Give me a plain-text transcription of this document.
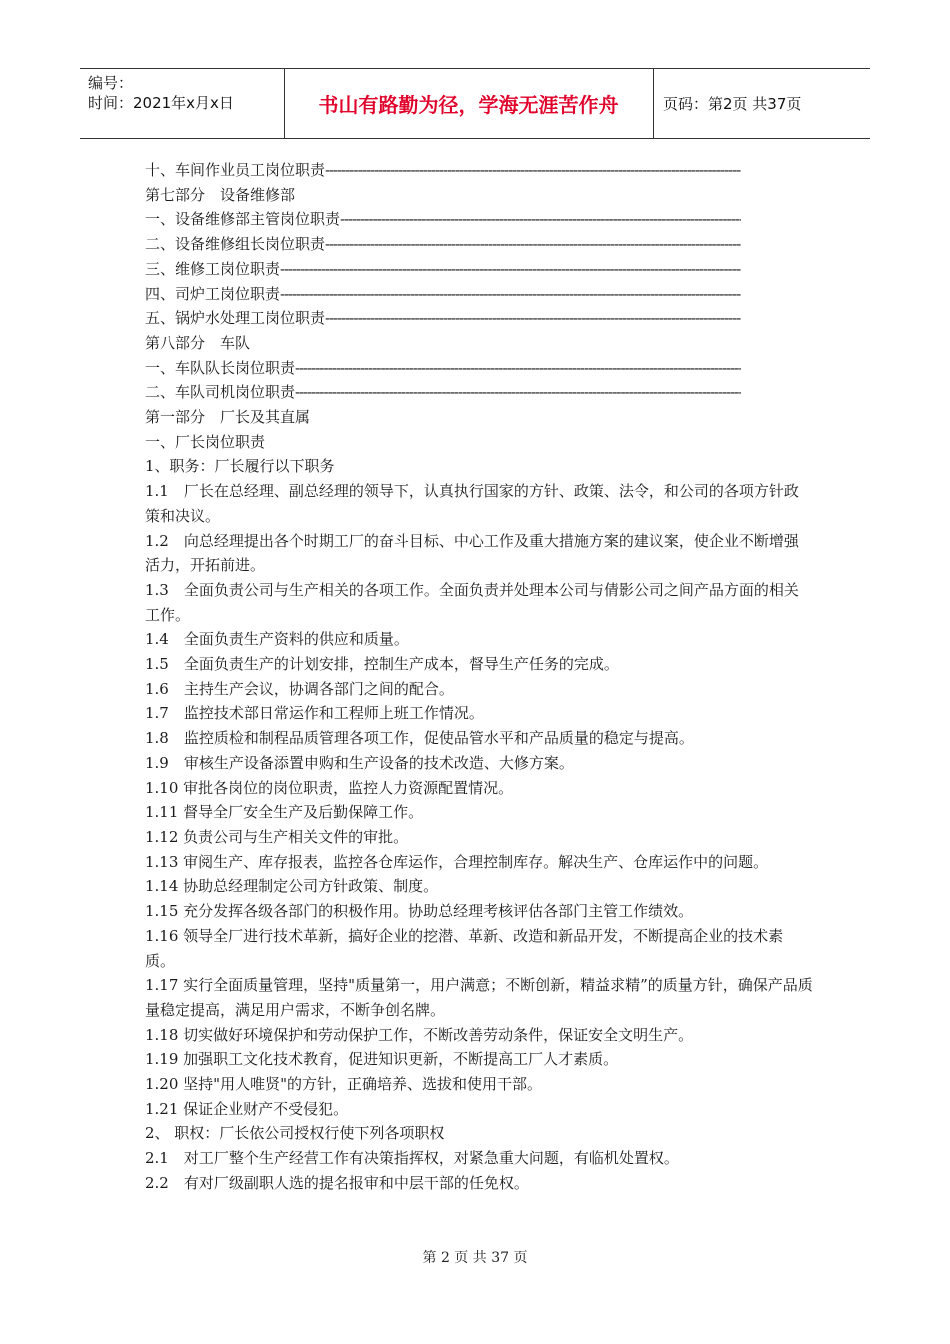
编号：
时间：2021年x月x日	书山有路勤为径，学海无涯苦作舟	页码：第2页 共37页
十、车间作业员工岗位职责
-----
第七部分　设备维修部
一、设备维修部主管岗位职责
-----
二、设备维修组长岗位职责
-----
三、维修工岗位职责
-----
四、司炉工岗位职责
-----
五、锅炉水处理工岗位职责
-----
第八部分　车队
一、车队队长岗位职责
-----
二、车队司机岗位职责
-----
第一部分　厂长及其直属
一、厂长岗位职责
1、职务：厂长履行以下职务
1.1　厂长在总经理、副总经理的领导下，认真执行国家的方针、政策、法令，和公司的各项方针政策和决议。
1.2　向总经理提出各个时期工厂的奋斗目标、中心工作及重大措施方案的建议案，使企业不断增强活力，开拓前进。
1.3　全面负责公司与生产相关的各项工作。全面负责并处理本公司与倩影公司之间产品方面的相关工作。
1.4　全面负责生产资料的供应和质量。
1.5　全面负责生产的计划安排，控制生产成本，督导生产任务的完成。
1.6　主持生产会议，协调各部门之间的配合。
1.7　监控技术部日常运作和工程师上班工作情况。
1.8　监控质检和制程品质管理各项工作，促使品管水平和产品质量的稳定与提高。
1.9　审核生产设备添置申购和生产设备的技术改造、大修方案。
1.10 审批各岗位的岗位职责，监控人力资源配置情况。
1.11 督导全厂安全生产及后勤保障工作。
1.12 负责公司与生产相关文件的审批。
1.13 审阅生产、库存报表，监控各仓库运作，合理控制库存。解决生产、仓库运作中的问题。
1.14 协助总经理制定公司方针政策、制度。
1.15 充分发挥各级各部门的积极作用。协助总经理考核评估各部门主管工作绩效。
1.16 领导全厂进行技术革新，搞好企业的挖潜、革新、改造和新品开发，不断提高企业的技术素质。
1.17 实行全面质量管理，坚持"质量第一，用户满意；不断创新，精益求精”的质量方针，确保产品质量稳定提高，满足用户需求，不断争创名牌。
1.18 切实做好环境保护和劳动保护工作，不断改善劳动条件，保证安全文明生产。
1.19 加强职工文化技术教育，促进知识更新，不断提高工厂人才素质。
1.20 坚持"用人唯贤"的方针，正确培养、选拔和使用干部。
1.21 保证企业财产不受侵犯。
2、 职权：厂长依公司授权行使下列各项职权
2.1　对工厂整个生产经营工作有决策指挥权，对紧急重大问题，有临机处置权。
2.2　有对厂级副职人选的提名报审和中层干部的任免权。
第 2 页 共 37 页
